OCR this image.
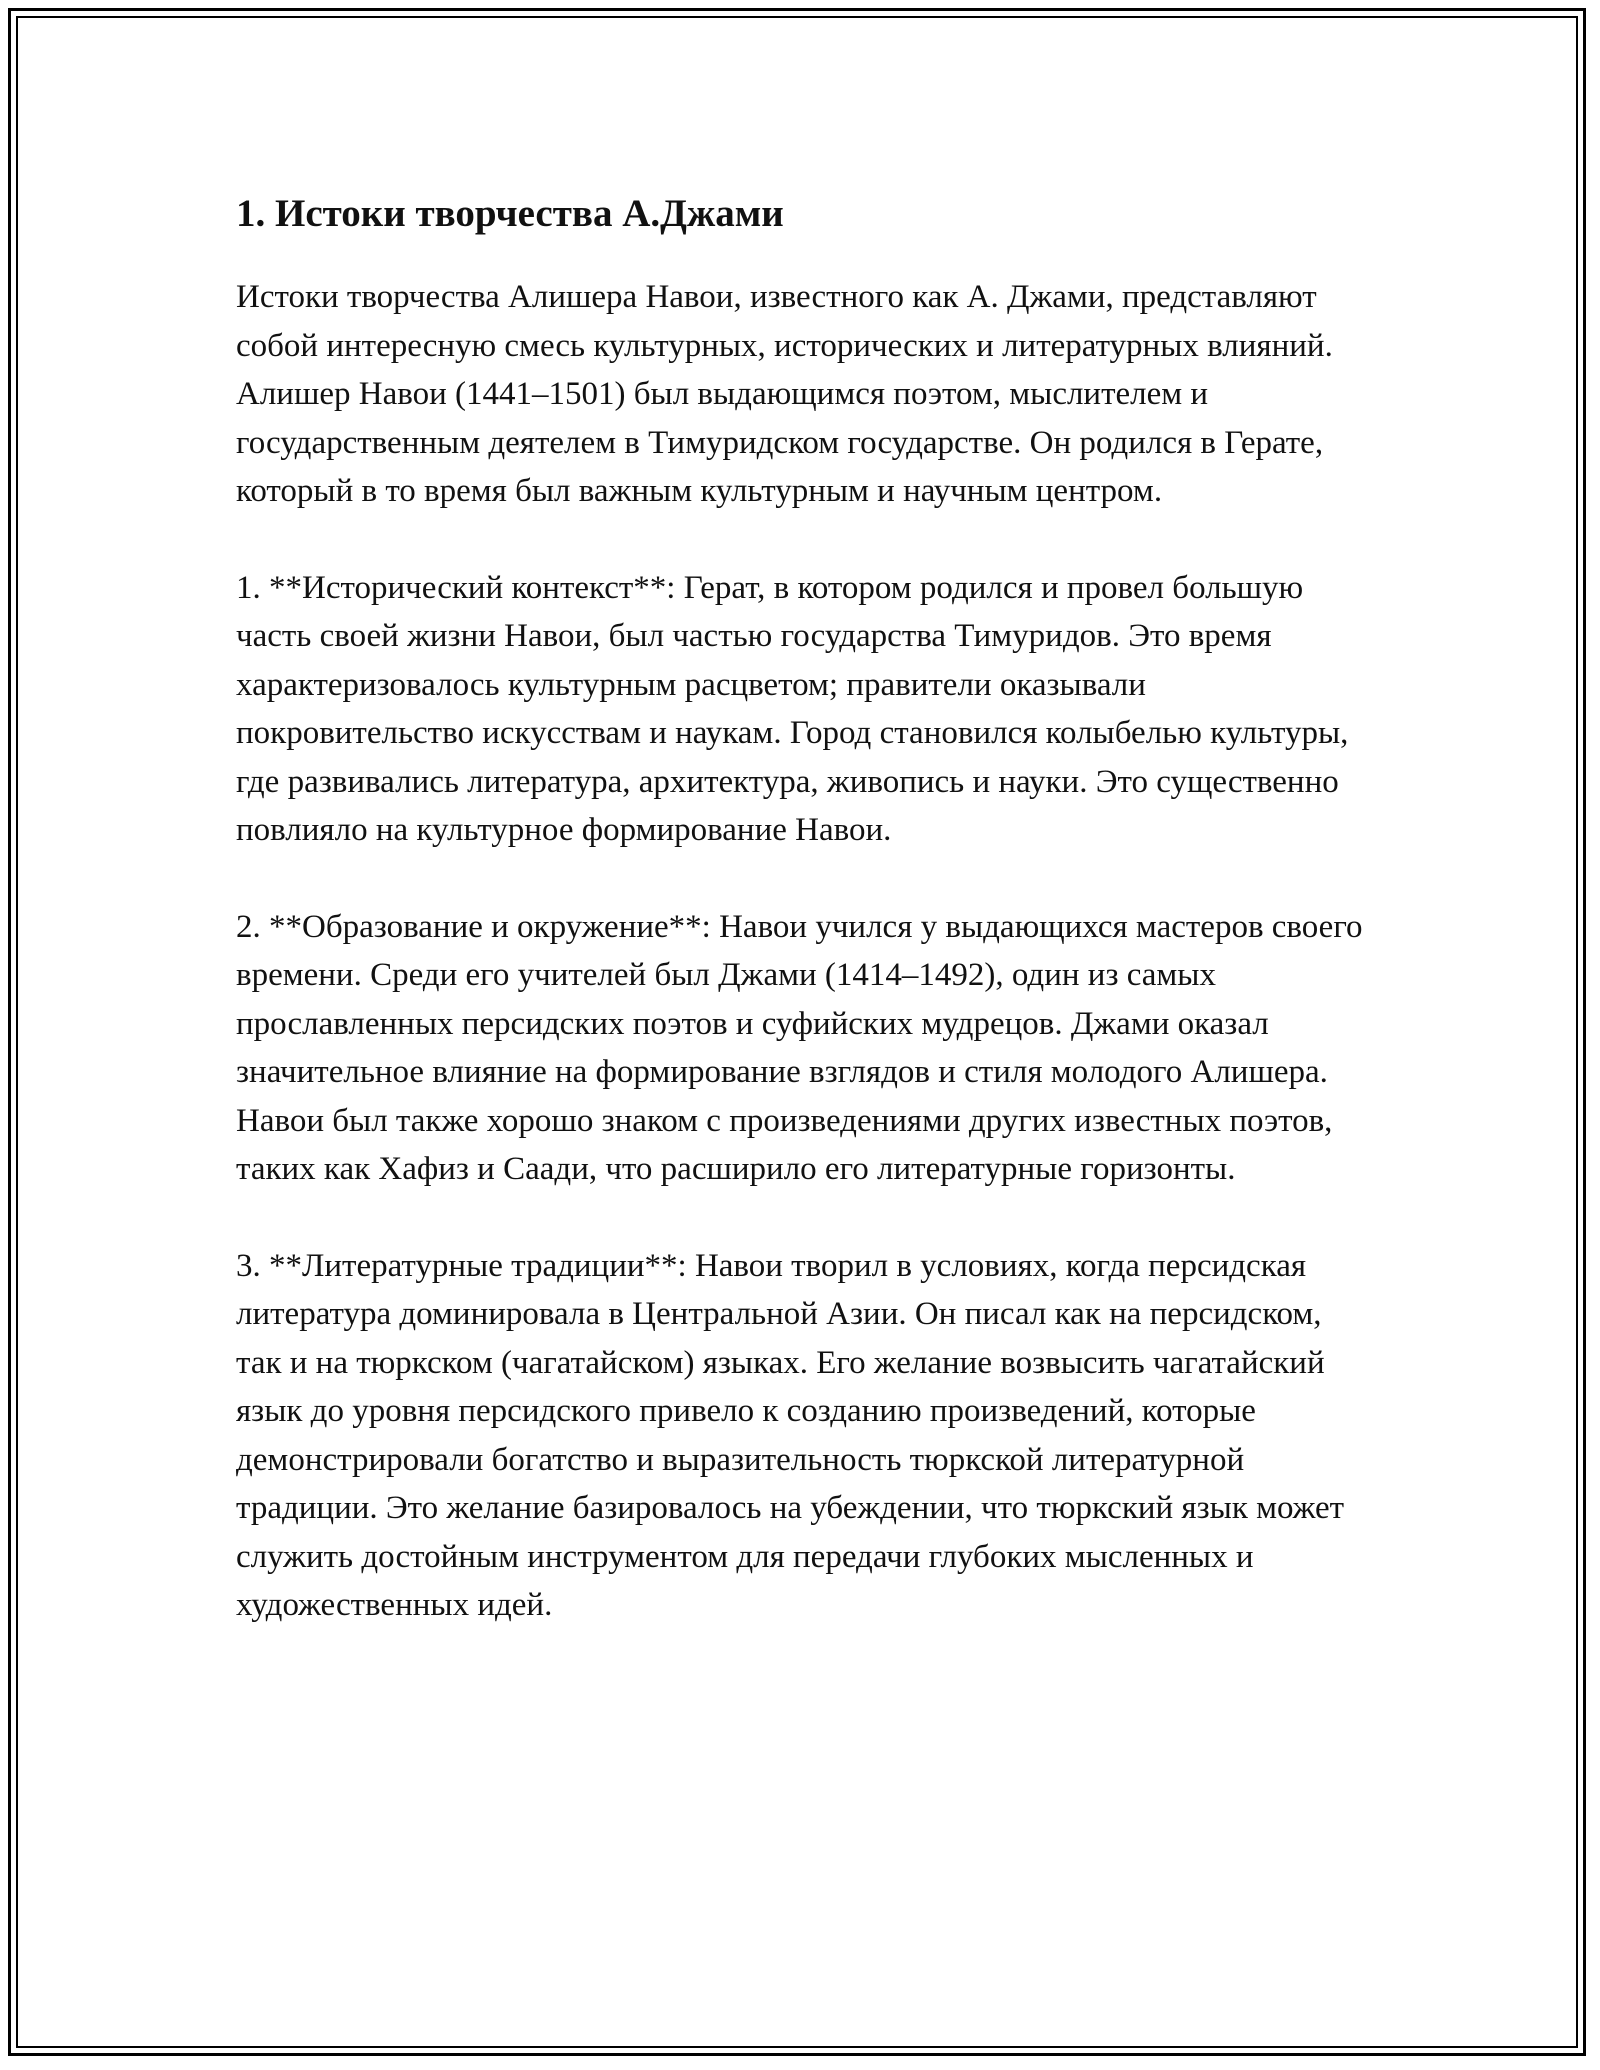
1. Истоки творчества А.Джами

Истоки творчества Алишера Навои, известного как А. Джами, представляют собой интересную смесь культурных, исторических и литературных влияний. Алишер Навои (1441–1501) был выдающимся поэтом, мыслителем и государственным деятелем в Тимуридском государстве. Он родился в Герате, который в то время был важным культурным и научным центром.

1. **Исторический контекст**: Герат, в котором родился и провел большую часть своей жизни Навои, был частью государства Тимуридов. Это время характеризовалось культурным расцветом; правители оказывали покровительство искусствам и наукам. Город становился колыбелью культуры, где развивались литература, архитектура, живопись и науки. Это существенно повлияло на культурное формирование Навои.

2. **Образование и окружение**: Навои учился у выдающихся мастеров своего времени. Среди его учителей был Джами (1414–1492), один из самых прославленных персидских поэтов и суфийских мудрецов. Джами оказал значительное влияние на формирование взглядов и стиля молодого Алишера. Навои был также хорошо знаком с произведениями других известных поэтов, таких как Хафиз и Саади, что расширило его литературные горизонты.

3. **Литературные традиции**: Навои творил в условиях, когда персидская литература доминировала в Центральной Азии. Он писал как на персидском, так и на тюркском (чагатайском) языках. Его желание возвысить чагатайский язык до уровня персидского привело к созданию произведений, которые демонстрировали богатство и выразительность тюркской литературной традиции. Это желание базировалось на убеждении, что тюркский язык может служить достойным инструментом для передачи глубоких мысленных и художественных идей.
